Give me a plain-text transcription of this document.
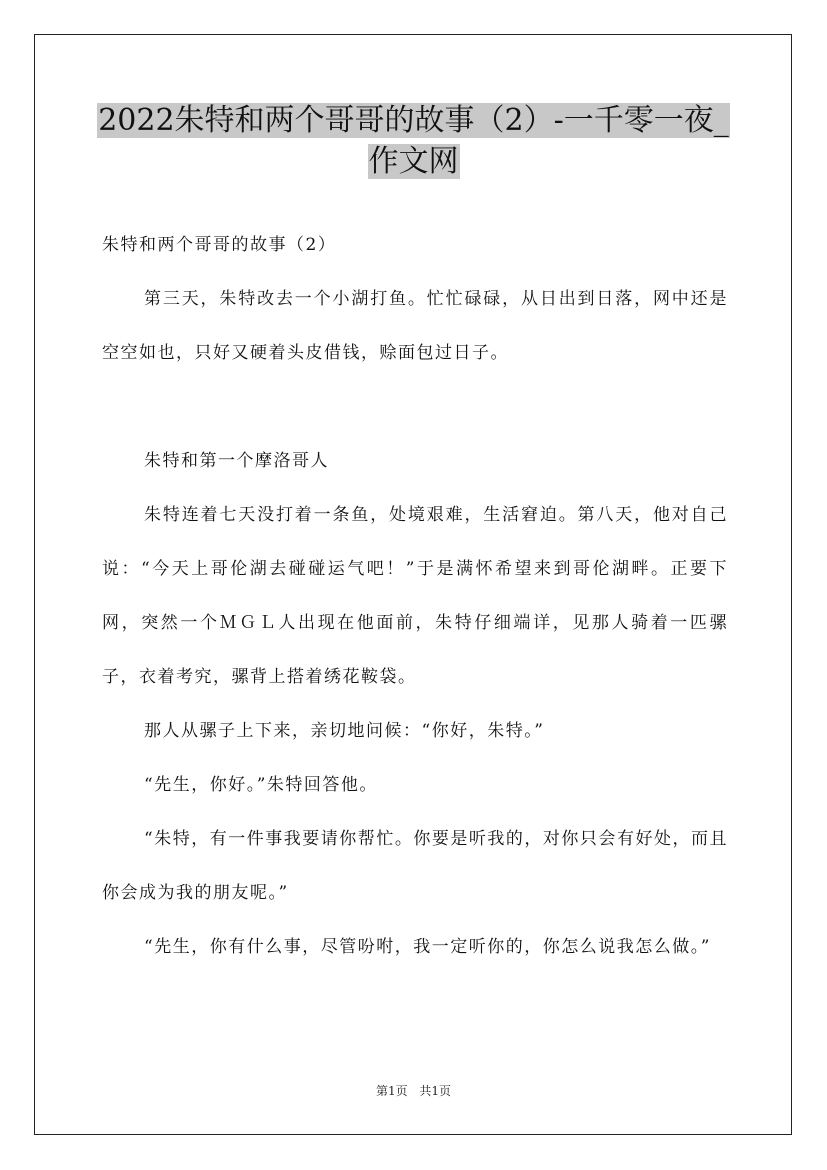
2022朱特和两个哥哥的故事（2）-一千零一夜_
作文网

朱特和两个哥哥的故事（2）

第三天，朱特改去一个小湖打鱼。忙忙碌碌，从日出到日落，网中还是空空如也，只好又硬着头皮借钱，赊面包过日子。

朱特和第一个摩洛哥人

朱特连着七天没打着一条鱼，处境艰难，生活窘迫。第八天，他对自己说：“今天上哥伦湖去碰碰运气吧！”于是满怀希望来到哥伦湖畔。正要下网，突然一个ＭＧＬ人出现在他面前，朱特仔细端详，见那人骑着一匹骡子，衣着考究，骡背上搭着绣花鞍袋。

那人从骡子上下来，亲切地问候：“你好，朱特。”

“先生，你好。”朱特回答他。

“朱特，有一件事我要请你帮忙。你要是听我的，对你只会有好处，而且你会成为我的朋友呢。”

“先生，你有什么事，尽管吩咐，我一定听你的，你怎么说我怎么做。”

第1页 共1页
